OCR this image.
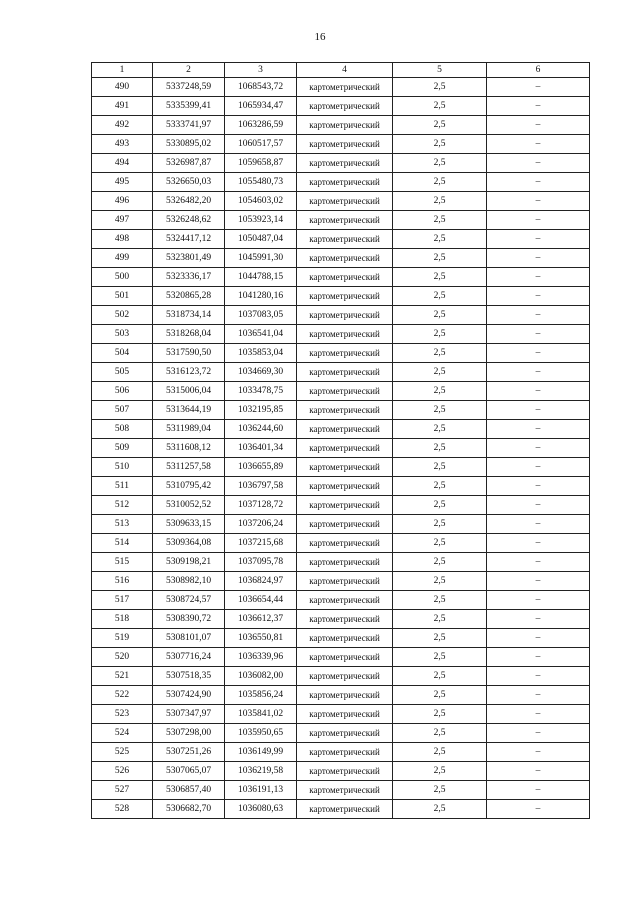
16
1	2	3	4	5	6
490	5337248,59	1068543,72	картометрический	2,5	–
491	5335399,41	1065934,47	картометрический	2,5	–
492	5333741,97	1063286,59	картометрический	2,5	–
493	5330895,02	1060517,57	картометрический	2,5	–
494	5326987,87	1059658,87	картометрический	2,5	–
495	5326650,03	1055480,73	картометрический	2,5	–
496	5326482,20	1054603,02	картометрический	2,5	–
497	5326248,62	1053923,14	картометрический	2,5	–
498	5324417,12	1050487,04	картометрический	2,5	–
499	5323801,49	1045991,30	картометрический	2,5	–
500	5323336,17	1044788,15	картометрический	2,5	–
501	5320865,28	1041280,16	картометрический	2,5	–
502	5318734,14	1037083,05	картометрический	2,5	–
503	5318268,04	1036541,04	картометрический	2,5	–
504	5317590,50	1035853,04	картометрический	2,5	–
505	5316123,72	1034669,30	картометрический	2,5	–
506	5315006,04	1033478,75	картометрический	2,5	–
507	5313644,19	1032195,85	картометрический	2,5	–
508	5311989,04	1036244,60	картометрический	2,5	–
509	5311608,12	1036401,34	картометрический	2,5	–
510	5311257,58	1036655,89	картометрический	2,5	–
511	5310795,42	1036797,58	картометрический	2,5	–
512	5310052,52	1037128,72	картометрический	2,5	–
513	5309633,15	1037206,24	картометрический	2,5	–
514	5309364,08	1037215,68	картометрический	2,5	–
515	5309198,21	1037095,78	картометрический	2,5	–
516	5308982,10	1036824,97	картометрический	2,5	–
517	5308724,57	1036654,44	картометрический	2,5	–
518	5308390,72	1036612,37	картометрический	2,5	–
519	5308101,07	1036550,81	картометрический	2,5	–
520	5307716,24	1036339,96	картометрический	2,5	–
521	5307518,35	1036082,00	картометрический	2,5	–
522	5307424,90	1035856,24	картометрический	2,5	–
523	5307347,97	1035841,02	картометрический	2,5	–
524	5307298,00	1035950,65	картометрический	2,5	–
525	5307251,26	1036149,99	картометрический	2,5	–
526	5307065,07	1036219,58	картометрический	2,5	–
527	5306857,40	1036191,13	картометрический	2,5	–
528	5306682,70	1036080,63	картометрический	2,5	–
